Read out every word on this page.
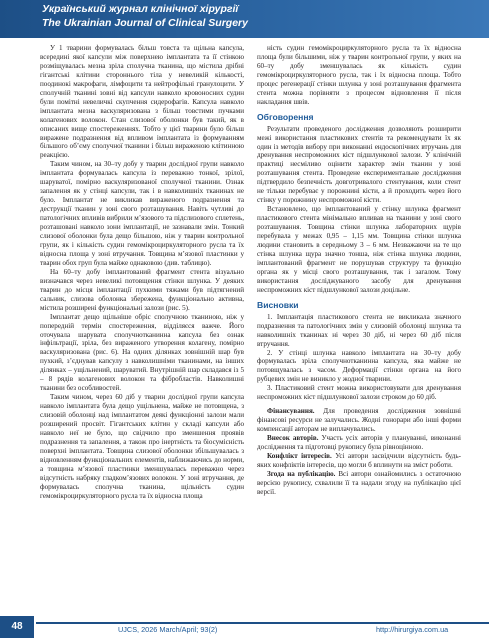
Український журнал клінічної хірургії
The Ukrainian Journal of Clinical Surgery

У 1 тварини формувалась більш товста та щільна капсула, всередині якої капсули між поверхнею імплантата та її стінкою розміщувалась мезна зрілa сполучна тканина, що містила дрібні гігантські клітини стороннього тіла у невеликій кількості, поодинокі макрофаги, лімфоцити та нейтрофільні гранулоцити. У сполучній тканині зовні від капсули навколо кровоносних судин були помітні невеличкі скупчення сидерофагів. Капсула навколо імплантата мезна васкуляризована з більш товстими пучками колагенових волокон. Стан слизової оболонки був такий, як в описаних вище спостереженнях. Тобто у цієї тварини було більш виражене подразнення від впливом імплантата із формуванням більшого об’єму сполучної тканини і більш вираженою клітинною реакцією.

Таким чином, на 30–ту добу у тварин дослідної групи навколо імплантата формувалась капсула із переважно тонкої, зрілої, шаруватої, помірно васкуляризованої сполучної тканини. Ознак запалення як у стінці капсули, так і в навколишніх тканинах не було. Імплантат не викликав вираженого подразнення та деструкції тканин у зоні свого розташування. Навіть чутливі до патологічних впливів вибрили м’язового та підслизового сплетень, розташовані навколо зони імплантації, не зазнавали змін. Тонкий слизової оболонки була дещо більшою, ніж у тварин контрольної групи, як і кількість судин гемомікроциркуляторного русла та їх відносна площа у зоні втручання. Товщина м’язової пластинки у тварин обох груп була майже однаковою (див. таблицю).

На 60–ту добу імплантований фрагмент стента візуально визначався через невеликі потовщення стінки шлунка. У деяких тварин до місця імплантації пухкими тяжами був підтягнений сальник, слизова оболонка збережена, функціонально активна, містила розширені функціональні залози (рис. 5).

Імплантат дещо щільніше обріс сполучною тканиною, ніж у попередній термін спостереження, відділяєся важче. Його оточувала шарувата сполучнотканинна капсула без ознак інфільтрації, зріла, без вираженого утворення колагену, помірно васкуляризована (рис. 6). На одних ділянках зовнішній шар був пухкий, з’єднував капсулу з навколишніми тканинами, на інших ділянках – ущільнений, шаруватий. Внутрішній шар складався із 5 – 8 рядів колагенових волокон та фібробластів. Навколишні тканини без особливостей.

Таким чином, через 60 діб у тварин дослідної групи капсула навколо імплантата була дещо ущільнена, майже не потовщена, з слизовій оболонці над імплантатом деякі функціонні залози мали розширений просвіт. Гігантських клітин у складі капсули або навколо неї не було, що свідчило про зменшення проявів подразнення та запалення, а також про інертність та біосумісність поверхні імплантата. Товщина слизової оболонки збільшувалась з відновленням функціональних елементів, наближаючись до норми, а товщина м’язової пластинки зменшувалась переважно через відсутність набряку гладком’язових волокон. У зоні втручання, де формувалась сполучна тканина, щільність судин гемомікроциркуляторного русла та їх відносна площа

ність судин гемомікроциркуляторного русла та їх відносна площа були більшими, ніж у тварин контрольної групи, у яких на 60–ту добу зменшувалась як кількість судин гемомікроциркуляторного русла, так і їх відносна площа. Тобто процес регенерації стінки шлунка у зоні розташування фрагмента стента можна порівняти з процесом відновлення її після накладання швів.

Обговорення

Результати проведеного дослідження дозволяють розширити межі використання пластикових стентів та рекомендувати їх як один із методів вибору при виконанні ендоскопічних втручань для дренування неспроможних кіст підшлункової залози. У клінічній практиці несміливо оцінити характер змін тканин у зоні розташування стента. Проведене експериментальне дослідження підтвердило безпечність довготривалого стентування, коли стент не тільки перебуває у порожнині кісти, а й проходить через його стінку у порожнину неспроможної кісти.

Встановлено, що імплантований у стінку шлунка фрагмент пластикового стента мінімально впливав на тканини у зоні свого розташування. Товщина стінки шлунка лабораторних щурів перебувала у межах 0,95 – 1,15 мм. Товщина стінки шлунка людини становить в середньому 3 – 6 мм. Незважаючи на те що стінка шлунка щура значно тонша, ніж стінка шлунка людини, імплантований фрагмент не порушував структуру та функцію органа як у місці свого розташування, так і загалом. Тому використання досліджуваного засобу для дренування неспроможних кіст підшлункової залози доцільне.

Висновки

1. Імплантація пластикового стента не викликала значного подразнення та патологічних змін у слизовій оболонці шлунка та навколишніх тканинах ні через 30 діб, ні через 60 діб після втручання.

2. У стінці шлунка навколо імплантата на 30–ту добу формувалась зріла сполучнотканинна капсула, яка майже не потовщувалась з часом. Деформації стінки органа на його рубцевих змін не виникло у жодної тварини.

3. Пластиковий стент можна використовувати для дренування неспроможних кіст підшлункової залози строком до 60 діб.

Фінансування. Для проведення дослідження зовнішні фінансові ресурси не залучались. Жодні гонорари або інші форми компенсації авторам не виплачувались.

Внесок авторів. Участь усіх авторів у плануванні, виконанні дослідження та підготовці рукопису була рівноцінною.

Конфлікт інтересів. Усі автори засвідчили відсутність будь-яких конфліктів інтересів, що могли б вплинути на зміст роботи.

Згода на публікацію. Всі автори ознайомились з остаточною версією рукопису, схвалили її та надали згоду на публікацію цієї версії.

48	UJCS, 2026 March/April; 93(2)	http://hirurgiya.com.ua
